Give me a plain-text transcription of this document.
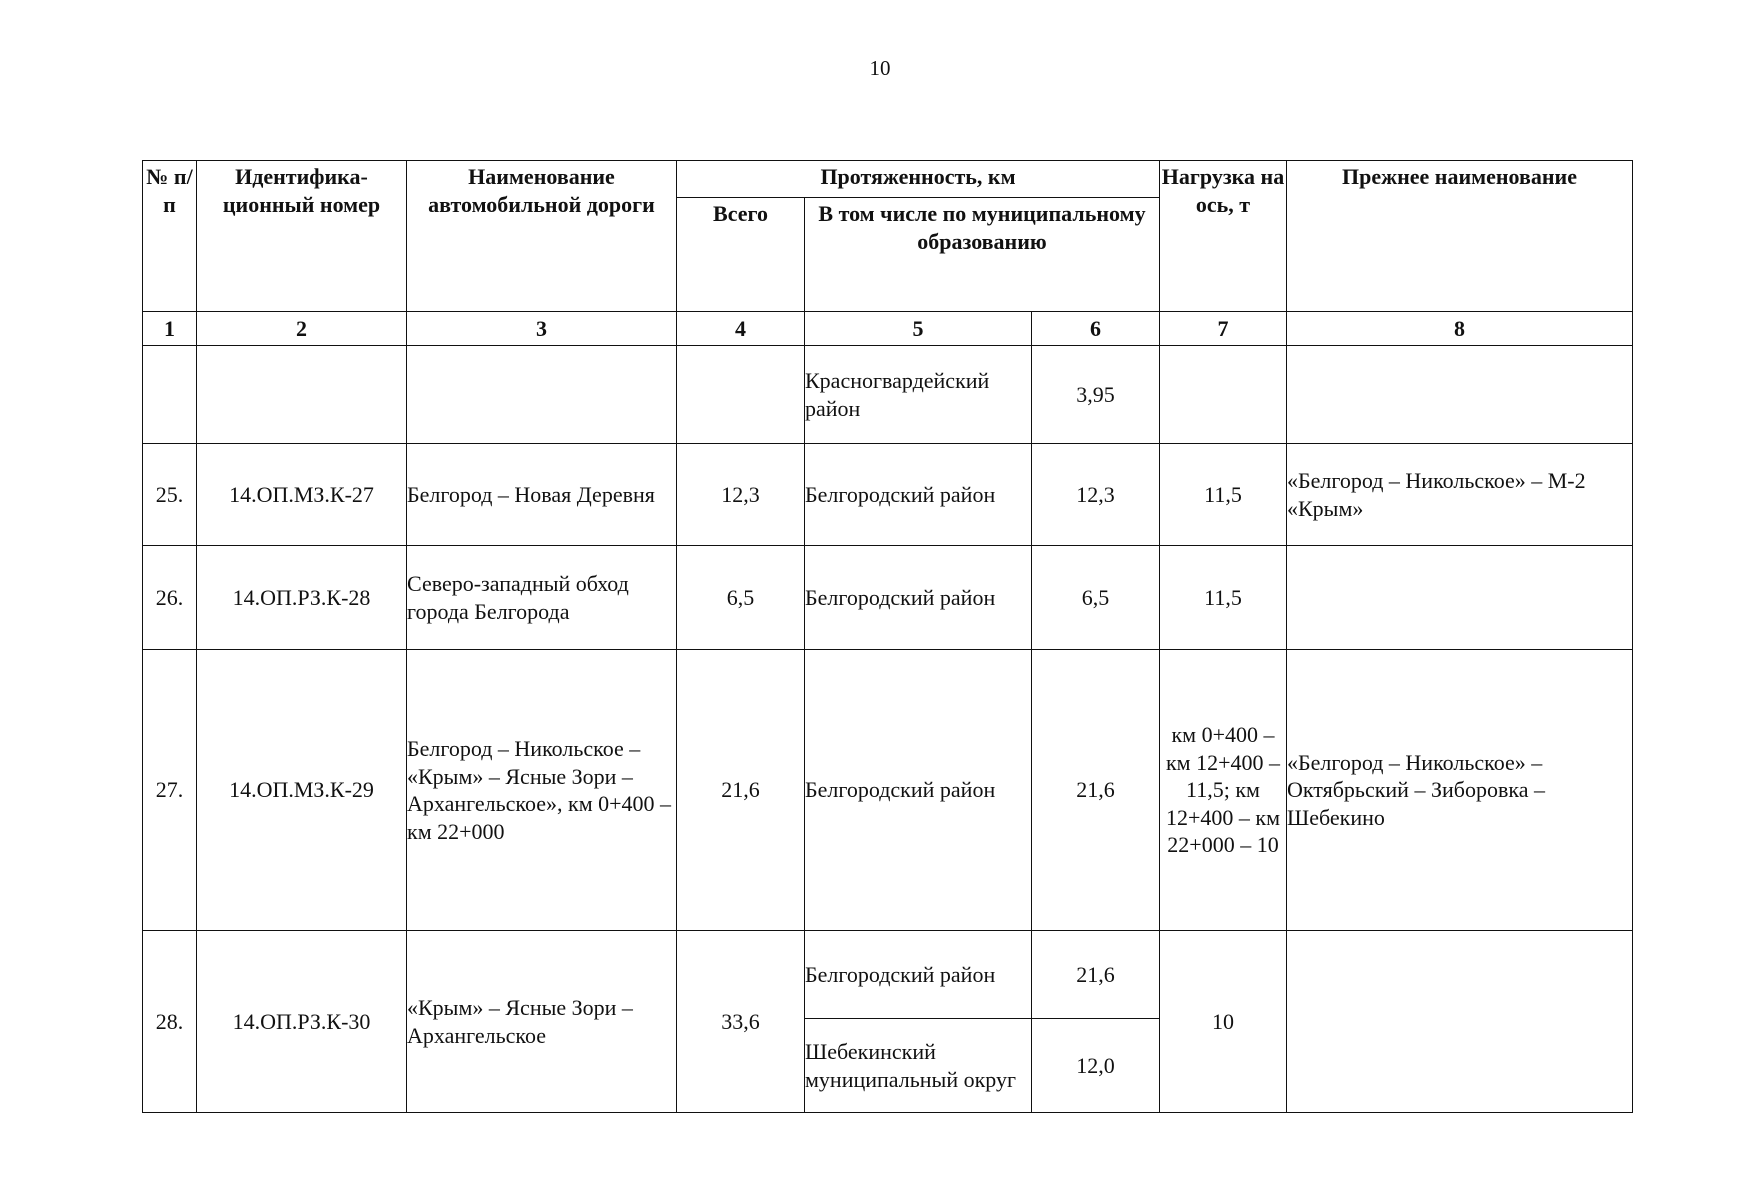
10
№ п/п	Идентифика-ционный номер	Наименование автомобильной дороги	Протяженность, км			Нагрузка на ось, т	Прежнее наименование
			Всего	В том числе по муниципальному образованию			
1	2	3	4	5	6	7	8
				Красногвардейский район	3,95		
25.	14.ОП.МЗ.К-27	Белгород – Новая Деревня	12,3	Белгородский район	12,3	11,5	«Белгород – Никольское» – М-2 «Крым»
26.	14.ОП.РЗ.К-28	Северо-западный обход города Белгорода	6,5	Белгородский район	6,5	11,5	
27.	14.ОП.МЗ.К-29	Белгород – Никольское – «Крым» – Ясные Зори – Архангельское», км 0+400 – км 22+000	21,6	Белгородский район	21,6	км 0+400 – км 12+400 – 11,5; км 12+400 – км 22+000 – 10	«Белгород – Никольское» – Октябрьский – Зиборовка – Шебекино
28.	14.ОП.РЗ.К-30	«Крым» – Ясные Зори – Архангельское	33,6	Белгородский район	21,6	10	
				Шебекинский муниципальный округ	12,0		
